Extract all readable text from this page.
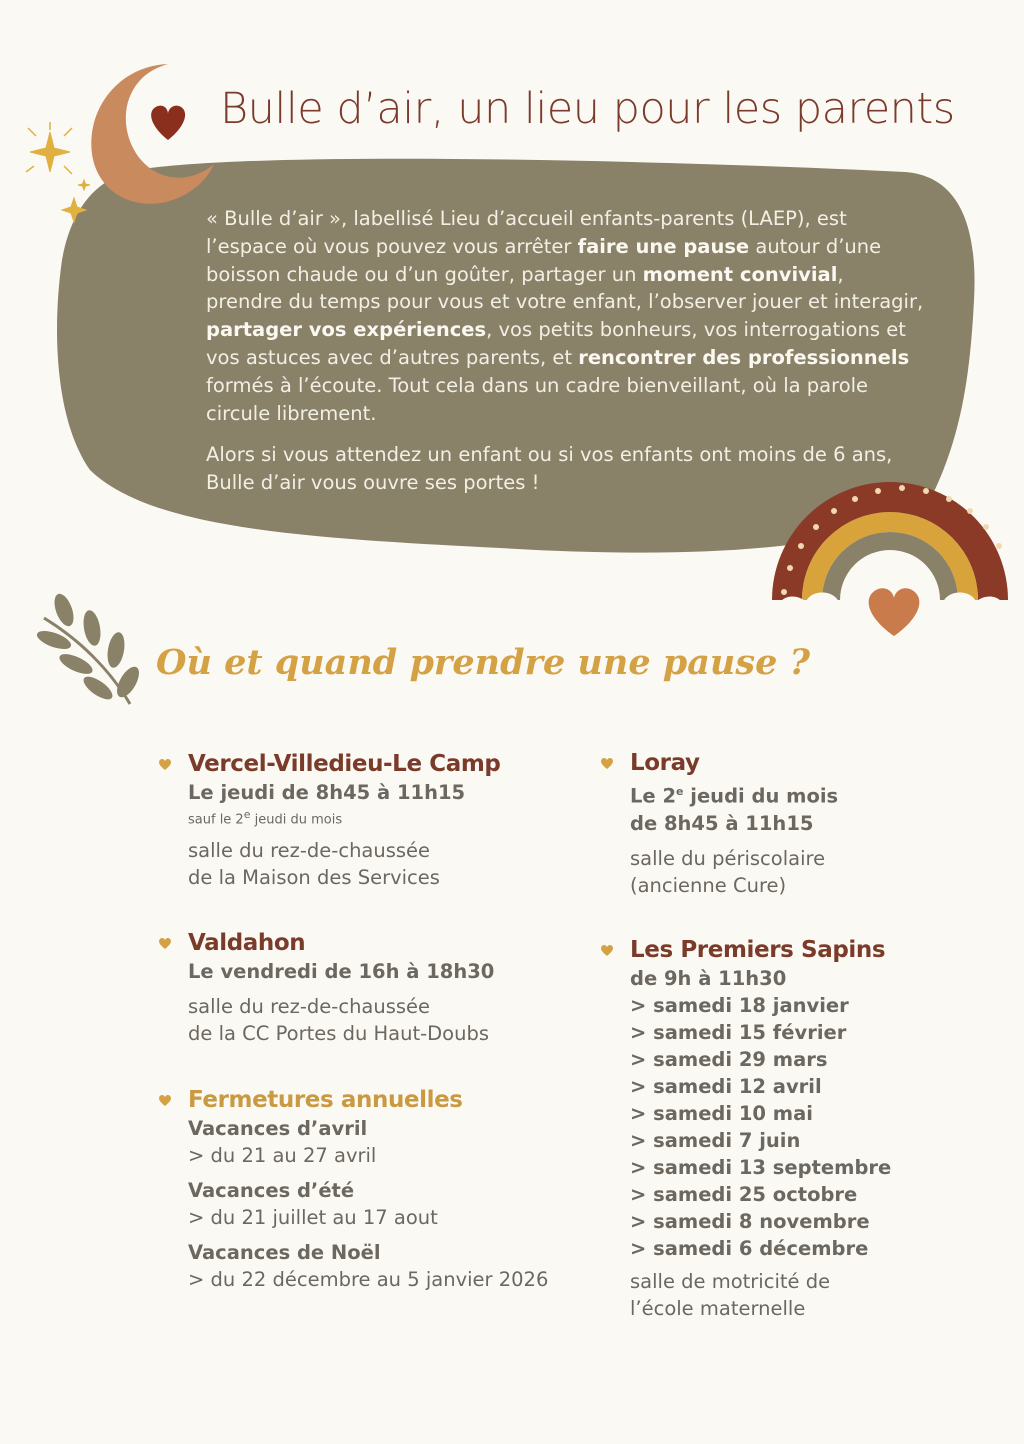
Bulle d’air, un lieu pour les parents

« Bulle d’air », labellisé Lieu d’accueil enfants-parents (LAEP), est l’espace où vous pouvez vous arrêter faire une pause autour d’une boisson chaude ou d’un goûter, partager un moment convivial, prendre du temps pour vous et votre enfant, l’observer jouer et interagir, partager vos expériences, vos petits bonheurs, vos interrogations et vos astuces avec d’autres parents, et rencontrer des professionnels formés à l’écoute. Tout cela dans un cadre bienveillant, où la parole circule librement.

Alors si vous attendez un enfant ou si vos enfants ont moins de 6 ans, Bulle d’air vous ouvre ses portes !

Où et quand prendre une pause ?
Vercel-Villedieu-Le Camp
Le jeudi de 8h45 à 11h15
sauf le 2e jeudi du mois
salle du rez-de-chaussée
de la Maison des Services
Valdahon
Le vendredi de 16h à 18h30
salle du rez-de-chaussée
de la CC Portes du Haut-Doubs
Fermetures annuelles
Vacances d’avril
> du 21 au 27 avril
Vacances d’été
> du 21 juillet au 17 aout
Vacances de Noël
> du 22 décembre au 5 janvier 2026
Loray
Le 2e jeudi du mois
de 8h45 à 11h15
salle du périscolaire
(ancienne Cure)
Les Premiers Sapins
de 9h à 11h30
> samedi 18 janvier
> samedi 15 février
> samedi 29 mars
> samedi 12 avril
> samedi 10 mai
> samedi 7 juin
> samedi 13 septembre
> samedi 25 octobre
> samedi 8 novembre
> samedi 6 décembre
salle de motricité de
l’école maternelle
